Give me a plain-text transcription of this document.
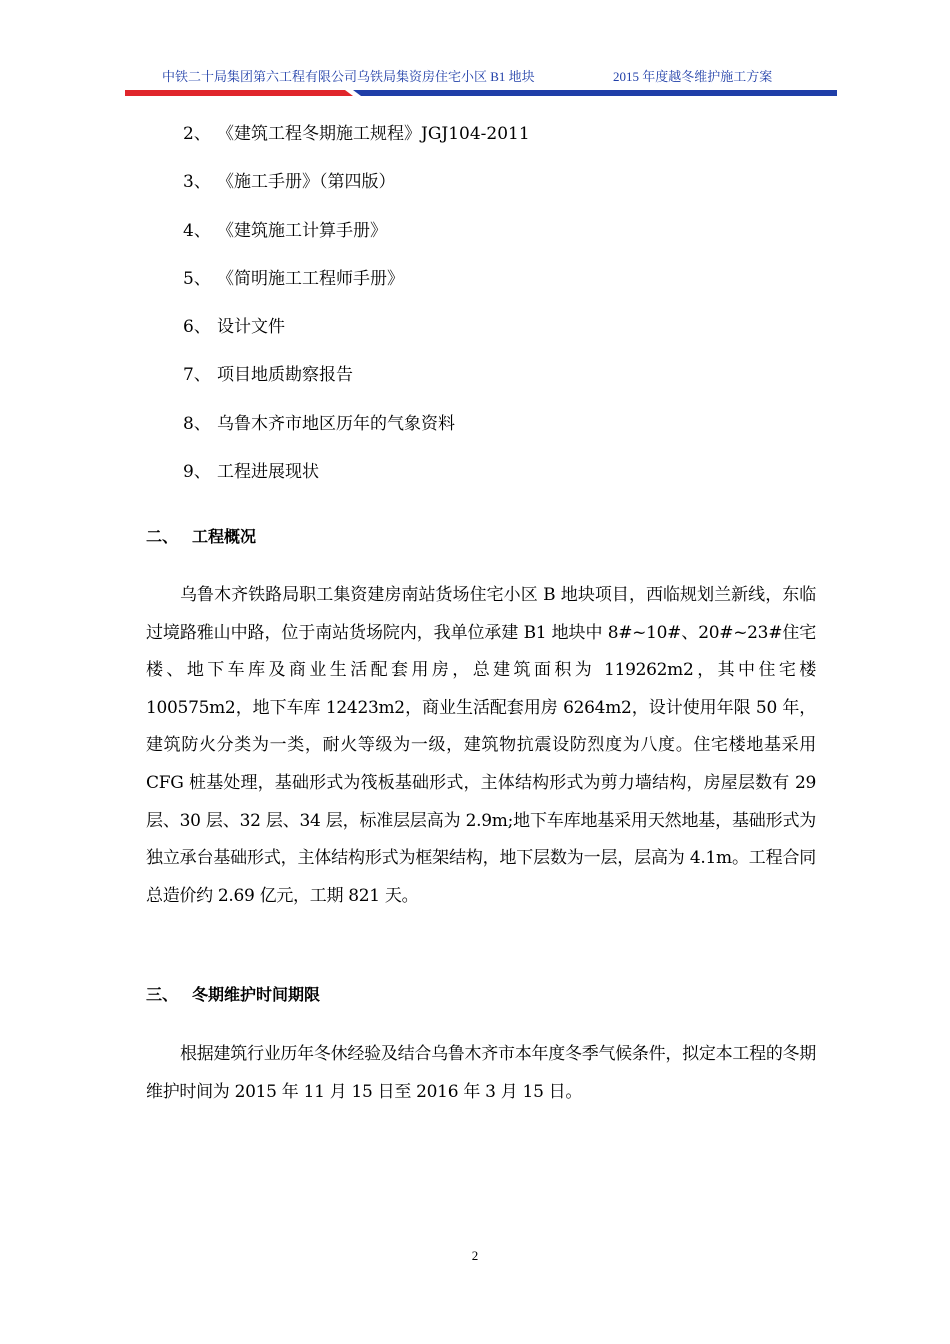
中铁二十局集团第六工程有限公司乌铁局集资房住宅小区 B1 地块	2015 年度越冬维护施工方案
2、 《建筑工程冬期施工规程》JGJ104-2011
3、 《施工手册》（第四版）
4、 《建筑施工计算手册》
5、 《简明施工工程师手册》
6、 设计文件
7、 项目地质勘察报告
8、 乌鲁木齐市地区历年的气象资料
9、 工程进展现状
二、 工程概况

乌鲁木齐铁路局职工集资建房南站货场住宅小区 B 地块项目，西临规划兰新线，东临过境路雅山中路，位于南站货场院内，我单位承建 B1 地块中 8#~10#、20#~23#住宅楼、地下车库及商业生活配套用房，总建筑面积为 119262m2，其中住宅楼 100575m2，地下车库 12423m2，商业生活配套用房 6264m2，设计使用年限 50 年，建筑防火分类为一类，耐火等级为一级，建筑物抗震设防烈度为八度。住宅楼地基采用 CFG 桩基处理，基础形式为筏板基础形式，主体结构形式为剪力墙结构，房屋层数有 29 层、30 层、32 层、34 层，标准层层高为 2.9m;地下车库地基采用天然地基，基础形式为独立承台基础形式，主体结构形式为框架结构，地下层数为一层，层高为 4.1m。工程合同总造价约 2.69 亿元，工期 821 天。

三、 冬期维护时间期限

根据建筑行业历年冬休经验及结合乌鲁木齐市本年度冬季气候条件，拟定本工程的冬期维护时间为 2015 年 11 月 15 日至 2016 年 3 月 15 日。

2
